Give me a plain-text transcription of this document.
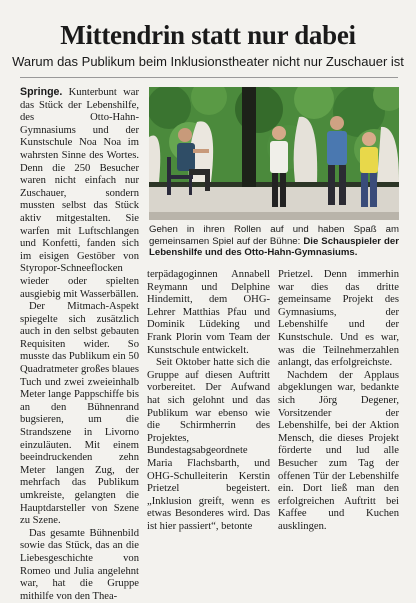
Mittendrin statt nur dabei
Warum das Publikum beim Inklusionstheater nicht nur Zuschauer ist

Springe. Kunterbunt war das Stück der Lebenshilfe, des Otto-Hahn-Gymnasiums und der Kunstschule Noa Noa im wahrsten Sinne des Wortes. Denn die 250 Besucher waren nicht einfach nur Zuschauer, sondern mussten selbst das Stück aktiv mitgestalten. Sie warfen mit Luftschlangen und Konfetti, fanden sich im eisigen Gestöber von Styropor-Schneeflocken wieder oder spielten ausgiebig mit Wasserbällen.

Der Mitmach-Aspekt spiegelte sich zusätzlich auch in den selbst gebauten Requisiten wider. So musste das Publikum ein 50 Quadratmeter großes blaues Tuch und zwei zweieinhalb Meter lange Pappschiffe bis an den Bühnenrand bugsieren, um die Strandszene in Livorno einzuläuten. Mit einem beeindruckenden zehn Meter langen Zug, der mehrfach das Publikum umkreiste, gelangten die Hauptdarsteller von Szene zu Szene.

Das gesamte Bühnenbild sowie das Stück, das an die Liebesgeschichte von Romeo und Julia angelehnt war, hat die Gruppe mithilfe von den Thea-

Gehen in ihren Rollen auf und haben Spaß am gemeinsamen Spiel auf der Bühne: Die Schauspieler der Lebenshilfe und des Otto-Hahn-Gymnasiums.

terpädagoginnen Annabell Reymann und Delphine Hindemitt, dem OHG-Lehrer Matthias Pfau und Dominik Lüdeking und Frank Plorin vom Team der Kunstschule entwickelt.

Seit Oktober hatte sich die Gruppe auf diesen Auftritt vorbereitet. Der Aufwand hat sich gelohnt und das Publikum war ebenso wie die Schirmherrin des Projektes, Bundestagsabgeordnete Maria Flachsbarth, und OHG-Schulleiterin Kerstin Prietzel begeistert. „Inklusion greift, wenn es etwas Besonderes wird. Das ist hier passiert“, betonte

Prietzel. Denn immerhin war dies das dritte gemeinsame Projekt des Gymnasiums, der Lebenshilfe und der Kunstschule. Und es war, was die Teilnehmerzahlen anlangt, das erfolgreichste.

Nachdem der Applaus abgeklungen war, bedankte sich Jörg Degener, Vorsitzender der Lebenshilfe, bei der Aktion Mensch, die dieses Projekt förderte und lud alle Besucher zum Tag der offenen Tür der Lebenshilfe ein. Dort ließ man den erfolgreichen Auftritt bei Kaffee und Kuchen ausklingen.
